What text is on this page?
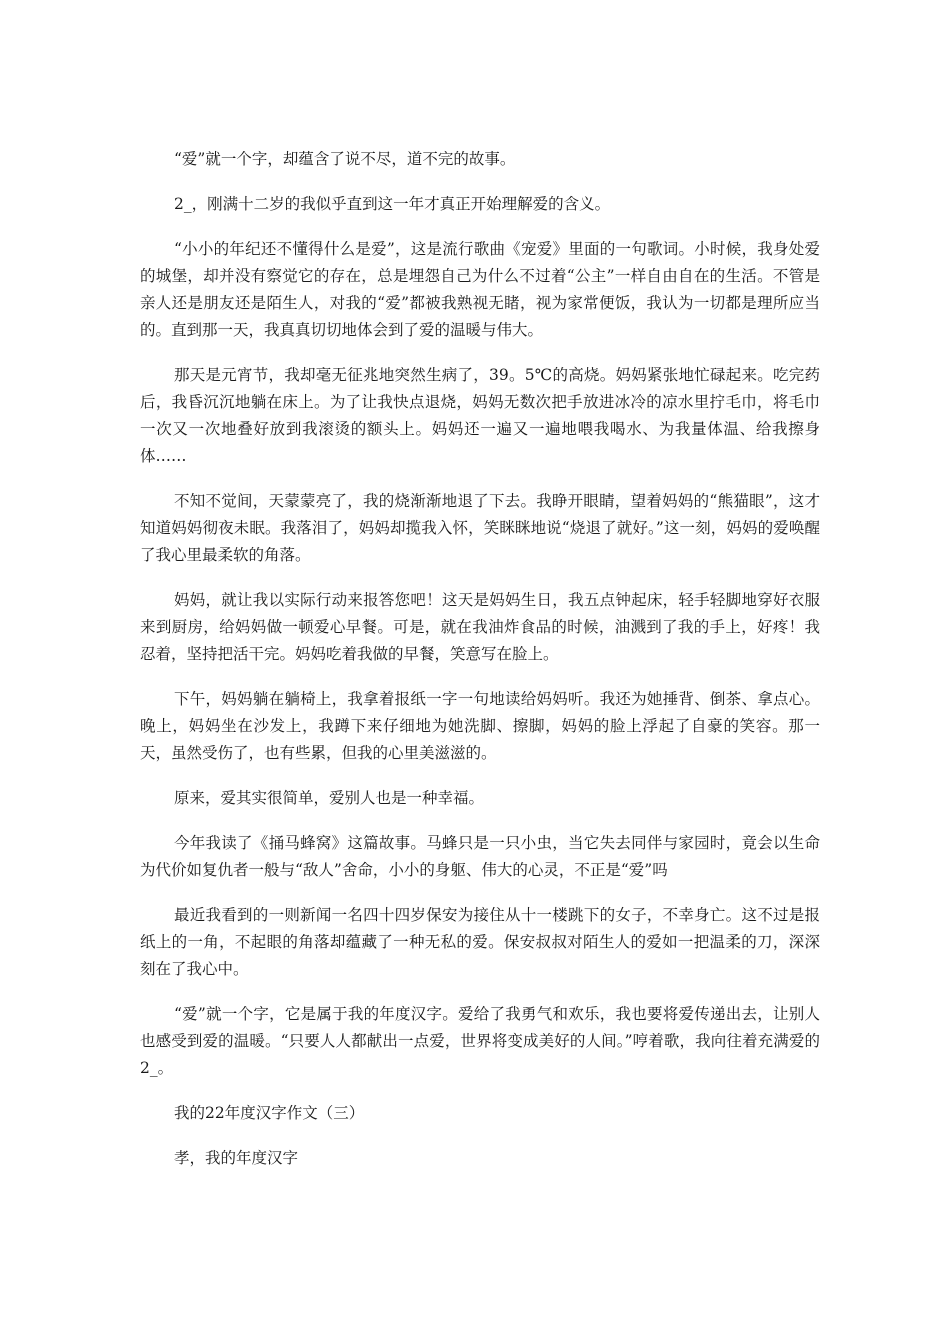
“爱”就一个字，却蕴含了说不尽，道不完的故事。

2_，刚满十二岁的我似乎直到这一年才真正开始理解爱的含义。

“小小的年纪还不懂得什么是爱”，这是流行歌曲《宠爱》里面的一句歌词。小时候，我身处爱的城堡，却并没有察觉它的存在，总是埋怨自己为什么不过着“公主”一样自由自在的生活。不管是亲人还是朋友还是陌生人，对我的“爱”都被我熟视无睹，视为家常便饭，我认为一切都是理所应当的。直到那一天，我真真切切地体会到了爱的温暖与伟大。

那天是元宵节，我却毫无征兆地突然生病了，39。5℃的高烧。妈妈紧张地忙碌起来。吃完药后，我昏沉沉地躺在床上。为了让我快点退烧，妈妈无数次把手放进冰冷的凉水里拧毛巾，将毛巾一次又一次地叠好放到我滚烫的额头上。妈妈还一遍又一遍地喂我喝水、为我量体温、给我擦身体……

不知不觉间，天蒙蒙亮了，我的烧渐渐地退了下去。我睁开眼睛，望着妈妈的“熊猫眼”，这才知道妈妈彻夜未眠。我落泪了，妈妈却揽我入怀，笑眯眯地说“烧退了就好。”这一刻，妈妈的爱唤醒了我心里最柔软的角落。

妈妈，就让我以实际行动来报答您吧！这天是妈妈生日，我五点钟起床，轻手轻脚地穿好衣服来到厨房，给妈妈做一顿爱心早餐。可是，就在我油炸食品的时候，油溅到了我的手上，好疼！我忍着，坚持把活干完。妈妈吃着我做的早餐，笑意写在脸上。

下午，妈妈躺在躺椅上，我拿着报纸一字一句地读给妈妈听。我还为她捶背、倒茶、拿点心。晚上，妈妈坐在沙发上，我蹲下来仔细地为她洗脚、擦脚，妈妈的脸上浮起了自豪的笑容。那一天，虽然受伤了，也有些累，但我的心里美滋滋的。

原来，爱其实很简单，爱别人也是一种幸福。

今年我读了《捅马蜂窝》这篇故事。马蜂只是一只小虫，当它失去同伴与家园时，竟会以生命为代价如复仇者一般与“敌人”舍命，小小的身躯、伟大的心灵，不正是“爱”吗

最近我看到的一则新闻一名四十四岁保安为接住从十一楼跳下的女子，不幸身亡。这不过是报纸上的一角，不起眼的角落却蕴藏了一种无私的爱。保安叔叔对陌生人的爱如一把温柔的刀，深深刻在了我心中。

“爱”就一个字，它是属于我的年度汉字。爱给了我勇气和欢乐，我也要将爱传递出去，让别人也感受到爱的温暖。“只要人人都献出一点爱，世界将变成美好的人间。”哼着歌，我向往着充满爱的2_。

我的22年度汉字作文（三）

孝，我的年度汉字
